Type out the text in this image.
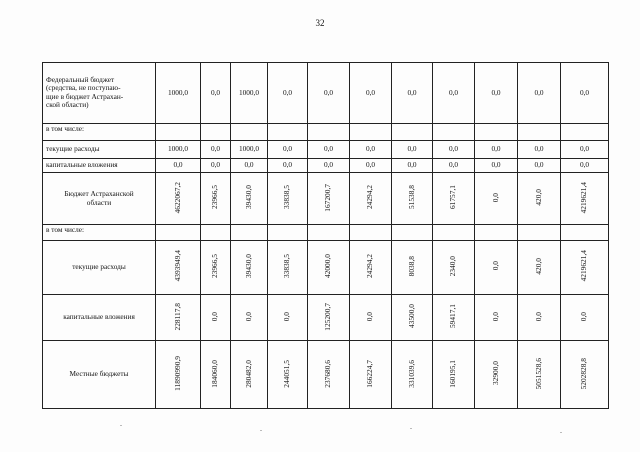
32
Федеральный бюджет
(средства, не поступаю-
щие в бюджет Астрахан-
ской области)	1000,0	0,0	1000,0	0,0	0,0	0,0	0,0	0,0	0,0	0,0	0,0
в том числе:											
текущие расходы	1000,0	0,0	1000,0	0,0	0,0	0,0	0,0	0,0	0,0	0,0	0,0
капитальные вложения	0,0	0,0	0,0	0,0	0,0	0,0	0,0	0,0	0,0	0,0	0,0

Бюджет Астраханской
области	4622067,2	23966,5	39430,0	33838,5	167200,7	24294,2	51538,8	61757,1	0,0	420,0	4219621,4
в том числе:											
текущие расходы	4393949,4	23966,5	39430,0	33838,5	42000,0	24294,2	8038,8	2340,0	0,0	420,0	4219621,4
капитальные вложения	228117,8	0,0	0,0	0,0	125200,7	0,0	43500,0	59417,1	0,0	0,0	0,0
Местные бюджеты	11890990,9	184060,0	280482,0	244051,5	237680,6	166224,7	331039,6	160195,1	32900,0	5051528,6	5202828,8
